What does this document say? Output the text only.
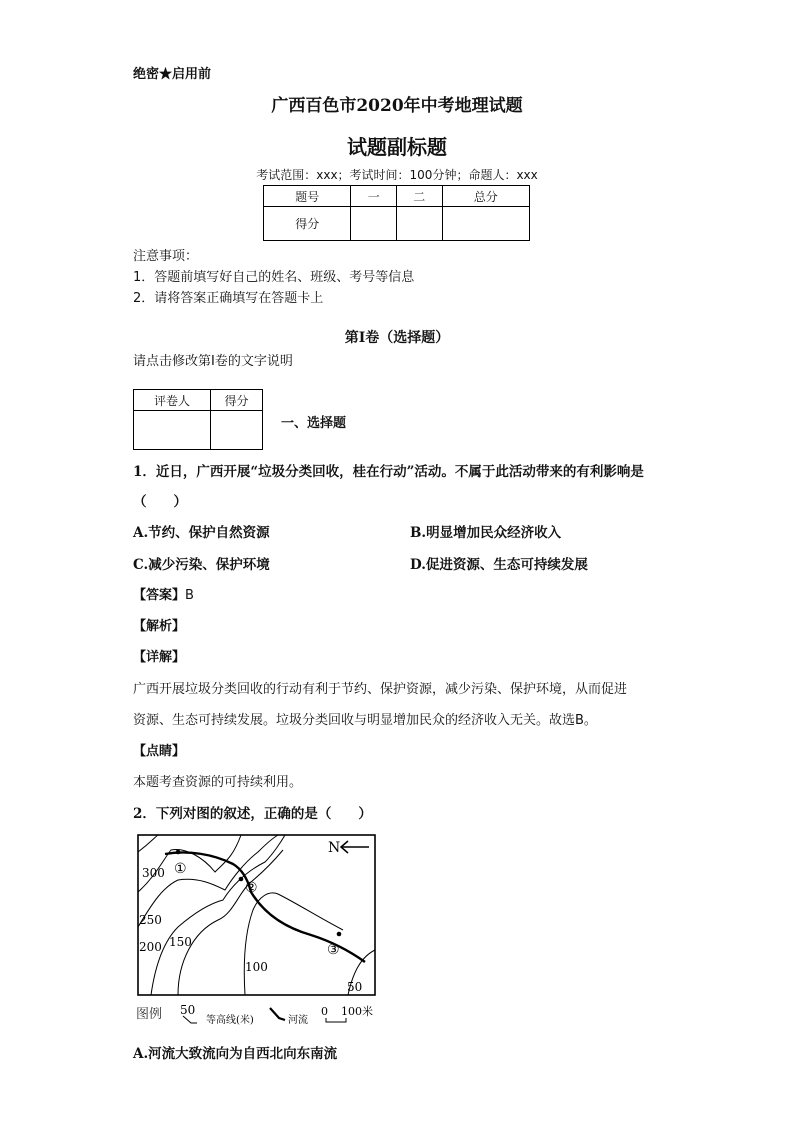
绝密★启用前
广西百色市2020年中考地理试题
试题副标题
考试范围：xxx；考试时间：100分钟；命题人：xxx
题号	一	二	总分
得分			
注意事项：
1．答题前填写好自己的姓名、班级、考号等信息
2．请将答案正确填写在答题卡上
第I卷（选择题）
请点击修改第I卷的文字说明
评卷人	得分

一、选择题
1．近日，广西开展“垃圾分类回收，桂在行动”活动。不属于此活动带来的有利影响是
（　　）
A.节约、保护自然资源	B.明显增加民众经济收入
C.减少污染、保护环境	D.促进资源、生态可持续发展
【答案】B
【解析】
【详解】
广西开展垃圾分类回收的行动有利于节约、保护资源，减少污染、保护环境，从而促进
资源、生态可持续发展。垃圾分类回收与明显增加民众的经济收入无关。故选B。
【点睛】
本题考查资源的可持续利用。
2．下列对图的叙述，正确的是（　　）
①
②
③
300
250
200 150
100
50
N
图例 50
等高线(米)	河流
0 100米
A.河流大致流向为自西北向东南流
